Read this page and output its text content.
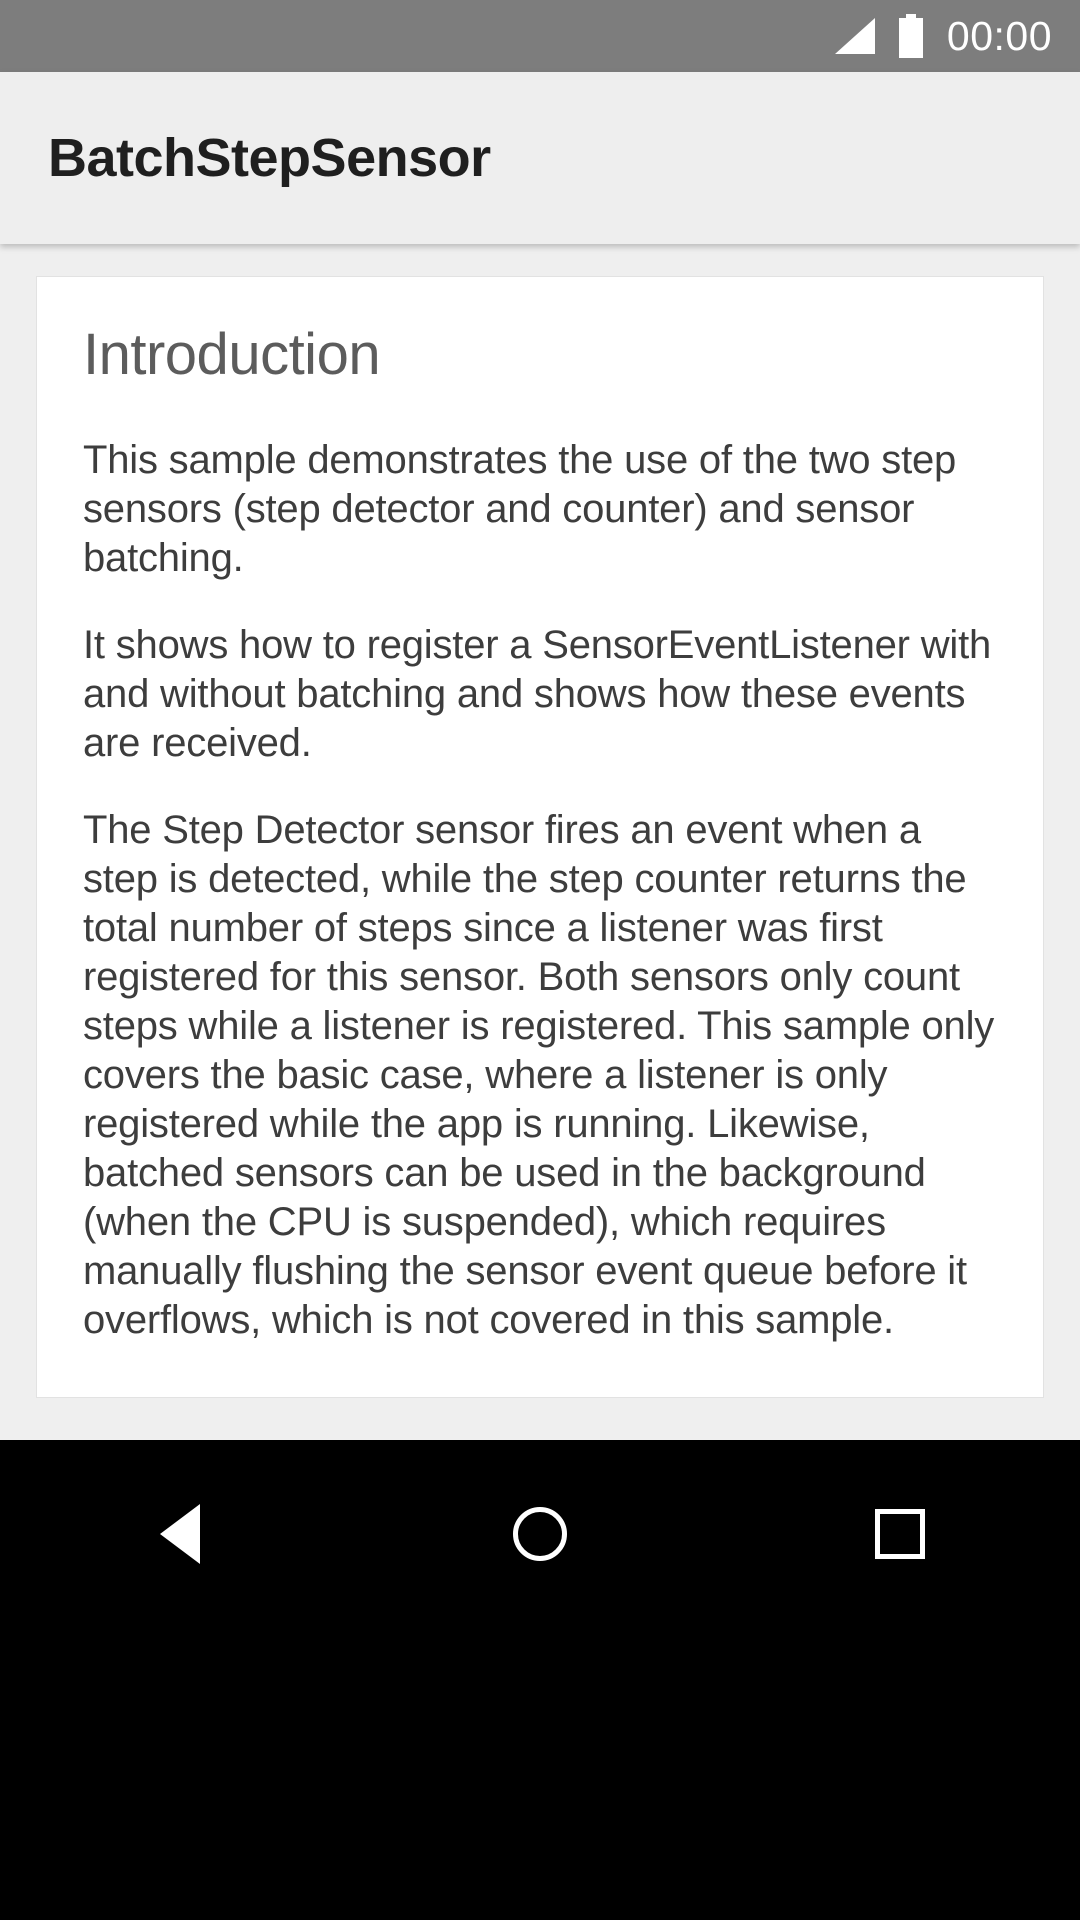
00:00
BatchStepSensor
Introduction

This sample demonstrates the use of the two step sensors (step detector and counter) and sensor batching.

It shows how to register a SensorEventListener with and without batching and shows how these events are received.

The Step Detector sensor fires an event when a step is detected, while the step counter returns the total number of steps since a listener was first registered for this sensor. Both sensors only count steps while a listener is registered. This sample only covers the basic case, where a listener is only registered while the app is running. Likewise, batched sensors can be used in the background (when the CPU is suspended), which requires manually flushing the sensor event queue before it overflows, which is not covered in this sample.
